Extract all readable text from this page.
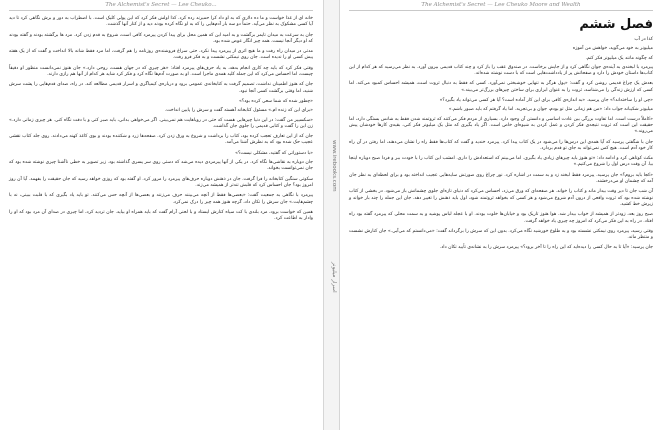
The Alchemist's Secret — Lee Cheuko...

خانه ای از غذا خواست و ما ده دلاری که به او داد کرا حمیرند رده کرد. کذا اولش فکر کرد که این پولی کلیک است. با اضطراب به دور و برش نگاهی کرد تا دید آیا کسی مشکوک به نظر می‌آید. حتماً دو سه بار آدم‌هایی را که به او نگاه کرده بودند دید و از کنار آنها گذشت.

جان به سرعت به میدان تایمز برگشت و به امید این که همین محل برای پیدا کردن پیرمرد کافی است، شروع به قدم زدن کرد. مرد ها برگشته بودند و گفته بودند که او دیگر آنجا نیست. همه چیز انگار عوض شده بود.

مدتی در میدان راه رفت و ما هیچ اثری از پیرمرد پیدا نکرد. حتی سراغ فروشنده‌ی روزنامه را هم گرفت، اما مرد فقط شانه بالا انداخت و گفت که از یک هفته پیش کسی او را ندیده است. جان روی نیمکتی نشست و به فکر فرو رفت.

وقتی فکر کرد که باید چه کاری انجام بدهد، به یاد حرف‌های پیرمرد افتاد: «هر چیزی که در جهان هست، روحی دارد.» جان هنوز نمی‌دانست منظور او دقیقاً چیست، اما احساس می‌کرد که این جمله کلید همه‌ی ماجرا است. او به صورت آدم‌ها نگاه کرد و فکر کرد شاید هر کدام از آنها هم رازی دارند.

جان که هنوز اطمینان نداشت، تصمیم گرفت به کتابخانه‌ی عمومی برود و درباره‌ی کیمیاگری و اسرار قدیمی مطالعه کند. در راه، صدای قدم‌هایی را پشت سرش شنید، اما وقتی برگشت کسی آنجا نبود.

«چطور شده که شما سعی کرده بود؟»

«برای این که زنده ام.» مسئول کتابخانه آهسته گفت و سرش را پایین انداخت.

«سکسپیر من گفت: در این دنیا چیزهایی هست که حتی در رویاهایت هم نمی‌بینی. اگر می‌خواهی بدانی، باید صبر کنی و با دقت نگاه کنی. هر چیزی زمانی دارد.» زن این را گفت و کتابی قدیمی را جلوی جان گذاشت.

جان که از این تعارف تعجب کرده بود، کتاب را برداشت و شروع به ورق زدن کرد. صفحه‌ها زرد و شکننده بودند و بوی کاغذ کهنه می‌دادند. روی جلد کتاب نقشی عجیب حک شده بود که به نظرش آشنا می‌آمد.

«با دستوراتی که گفتید، مشکلی نیست؟»

جان دوباره به نقاشی‌ها نگاه کرد. در یکی از آنها پیرمردی دیده می‌شد که دستی روی سر پسری گذاشته بود. زیر تصویر به خطی ناآشنا چیزی نوشته شده بود که جان نمی‌توانست بخواند.

سکوتی سنگین کتابخانه را فرا گرفت. جان در ذهنش دوباره حرف‌های پیرمرد را مرور کرد. او گفته بود که روزی خواهد رسید که جان حقیقت را بفهمد. آیا آن روز امروز بود؟ جان احساس کرد که قلبش تندتر از همیشه می‌زند.

پیرمرد با نگاهی به جمعیت گفت: «بعضی‌ها فقط از آنچه می‌بینند حرف می‌زنند و بعضی‌ها از آنچه حس می‌کنند. تو باید یاد بگیری که با قلبت ببینی، نه با چشم‌هایت.» جان سرش را تکان داد، گرچه هنوز همه چیز را درک نمی‌کرد.

همین که خواست برود، مرد بلندی با کت سیاه کنارش ایستاد و با لحنی آرام گفت که باید همراه او بیاید. جان تردید کرد، اما چیزی در صدای آن مرد بود که او را وادار به اطاعت کرد.

www.irebooks.com
اسرار میلیونر
The Alchemist's Secret — Lee Cheuko Moore and Wealth
فصل ششم

کذا در آب

میلیونر به خود می‌گوید، خواهش من آموزه

که چگونه مانند یک میلیونر فکر کنم.

پیرمرد با لبخندی به آینده‌ی جوان نگاهی کرد و از جایش برخاست. در صندوق عقب را باز کرد و چند کتاب قدیمی بیرون آورد. به نظر می‌رسید که هر کدام از این کتاب‌ها داستان خودش را دارد و صفحاتش پر از یادداشت‌هایی است که با دست نوشته شده‌اند.

بعدش یک چراغ قدیمی روشن کرد و گفت: «پول هرگز به تنهایی خوشبختی نمی‌آورد. کسی که فقط به دنبال ثروت است، همیشه احساس کمبود می‌کند. اما کسی که ارزش زندگی را می‌شناسد، ثروت را به عنوان ابزاری برای ساختن چیزهای بزرگ‌تر می‌بیند.»

«چی او را ساخته‌اند؟» جان پرسید. «به اندازه‌ی کافی برای این کار آماده است؟ آیا هر کسی می‌تواند یاد بگیرد؟»

میلیونر شکیبانه جواب داد: «من هم زمانی مثل تو بودم، جوان و بی‌تجربه. اما یاد گرفتم که باید صبور باشم.»

«کاملاً درست است. اما تفاوت بزرگی بین عادت اساسی و دانستن آن وجود دارد. بسیاری از مردم فکر می‌کنند که ثروتمند شدن فقط به شانس بستگی دارد، اما حقیقت این است که ثروت نتیجه‌ی فکر کردن و عمل کردن به شیوه‌ای خاص است. اگر یاد بگیری که مثل یک میلیونر فکر کنی، بقیه‌ی کارها خودشان پیش می‌روند.»

جان با شگفتی پرسید که آیا همه‌ی این درس‌ها را می‌شود در یک کتاب پیدا کرد. پیرمرد خندید و گفت که کتاب‌ها فقط راه را نشان می‌دهند، اما رفتن در آن راه کار خود آدم است. هیچ کس نمی‌تواند به جای تو قدم بردارد.

مکث کوتاهی کرد و ادامه داد: «تو هنوز باید چیزهای زیادی یاد بگیری. اما می‌بینم که استعدادش را داری. امشب این کتاب را با خودت ببر و فردا صبح دوباره اینجا بیا. آن وقت درس اول را شروع می‌کنیم.»

«کجا باید بروم؟» جان پرسید. پیرمرد فقط لبخند زد و به سمت در اشاره کرد. نور چراغ روی صورتش سایه‌هایی عجیب انداخته بود و برای لحظه‌ای به نظر جان آمد که چشمان او می‌درخشند.

آن شب جان تا دیر وقت بیدار ماند و کتاب را خواند. هر صفحه‌ای که ورق می‌زد، احساس می‌کرد که دنیای تازه‌ای جلوی چشمانش باز می‌شود. در بخشی از کتاب نوشته شده بود که ثروت واقعی از درون آدم شروع می‌شود و هر کسی که بخواهد ثروتمند شود، اول باید ذهنش را تغییر دهد. جان این جمله را چند بار خواند و زیرش خط کشید.

صبح روز بعد، زودتر از همیشه از خواب بیدار شد. هوا هنوز تاریک بود و خیابان‌ها خلوت بودند. او با عجله لباس پوشید و به سمت محلی که پیرمرد گفته بود راه افتاد. در راه به این فکر می‌کرد که امروز چه چیزی یاد خواهد گرفت.

وقتی رسید، پیرمرد روی نیمکتی نشسته بود و به طلوع خورشید نگاه می‌کرد. بدون این که سرش را برگرداند گفت: «می‌دانستم که می‌آیی.» جان کنارش نشست و منتظر ماند.

جان پرسید: «آیا تا به حال کسی را دیده‌اید که این راه را تا آخر برود؟» پیرمرد سرش را به نشانه‌ی تأیید تکان داد.
